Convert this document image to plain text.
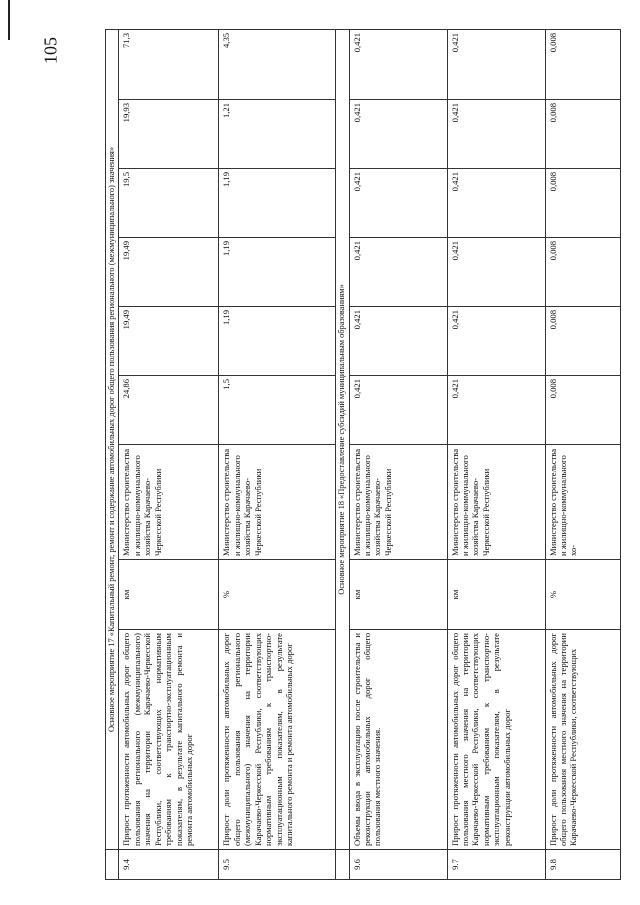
105
	Основное мероприятие 17 «Капитальный ремонт, ремонт и содержание автомобильных дорог общего пользования регионального (межмуниципального) значения»								
9.4	Прирост протяженности автомобильных дорог общего пользования регионального (межмуниципального) значения на территории Карачаево-Черкесской Республики, соответствующих нормативным требованиям к транспортно-эксплуатационным показателям, в результате капитального ремонта и ремонта автомобильных дорог	км	Министерство строительства и жилищно-коммунального хозяйства Карачаево-Черкесской Республики	24,86	19,49	19,49	19,5	19,93	71,3
9.5	Прирост доли протяженности автомобильных дорог общего пользования регионального (межмуниципального) значения на территории Карачаево-Черкесской Республики, соответствующих нормативным требованиям к транспортно-эксплуатационным показателям, в результате капитального ремонта и ремонта автомобильных дорог	%	Министерство строительства и жилищно-коммунального хозяйства Карачаево-Черкесской Республики	1,5	1,19	1,19	1,19	1,21	4,35
	Основное мероприятие 18 «Предоставление субсидий муниципальным образованиям»								
9.6	Объемы ввода в эксплуатацию после строительства и реконструкции автомобильных дорог общего пользования местного значения.	км	Министерство строительства и жилищно-коммунального хозяйства Карачаево-Черкесской Республики	0,421	0,421	0,421	0,421	0,421	0,421
9.7	Прирост протяженности автомобильных дорог общего пользования местного значения на территории Карачаево-Черкесской Республики, соответствующих нормативным требованиям к транспортно-эксплуатационным показателям, в результате реконструкции автомобильных дорог	км	Министерство строительства и жилищно-коммунального хозяйства Карачаево-Черкесской Республики	0,421	0,421	0,421	0,421	0,421	0,421
9.8	Прирост доли протяженности автомобильных дорог общего пользования местного значения на территории Карачаево-Черкесской Республики, соответствующих	%	Министерство строительства и жилищно-коммунального хо-	0,008	0,008	0,008	0,008	0,008	0,008
